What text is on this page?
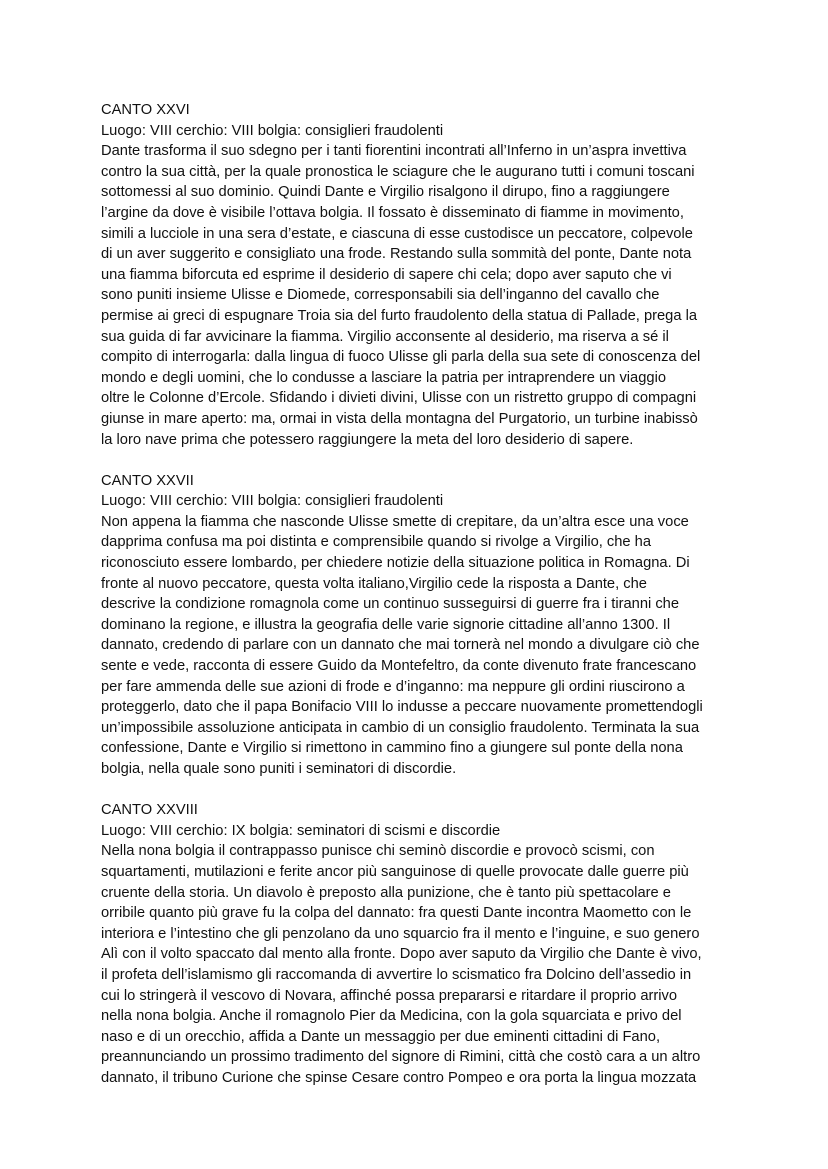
CANTO XXVI
Luogo: VIII cerchio: VIII bolgia: consiglieri fraudolenti
Dante trasforma il suo sdegno per i tanti fiorentini incontrati all’Inferno in un’aspra invettiva
contro la sua città, per la quale pronostica le sciagure che le augurano tutti i comuni toscani
sottomessi al suo dominio. Quindi Dante e Virgilio risalgono il dirupo, fino a raggiungere
l’argine da dove è visibile l’ottava bolgia. Il fossato è disseminato di fiamme in movimento,
simili a lucciole in una sera d’estate, e ciascuna di esse custodisce un peccatore, colpevole
di un aver suggerito e consigliato una frode. Restando sulla sommità del ponte, Dante nota
una fiamma biforcuta ed esprime il desiderio di sapere chi cela; dopo aver saputo che vi
sono puniti insieme Ulisse e Diomede, corresponsabili sia dell’inganno del cavallo che
permise ai greci di espugnare Troia sia del furto fraudolento della statua di Pallade, prega la
sua guida di far avvicinare la fiamma. Virgilio acconsente al desiderio, ma riserva a sé il
compito di interrogarla: dalla lingua di fuoco Ulisse gli parla della sua sete di conoscenza del
mondo e degli uomini, che lo condusse a lasciare la patria per intraprendere un viaggio
oltre le Colonne d’Ercole. Sfidando i divieti divini, Ulisse con un ristretto gruppo di compagni
giunse in mare aperto: ma, ormai in vista della montagna del Purgatorio, un turbine inabissò
la loro nave prima che potessero raggiungere la meta del loro desiderio di sapere.
CANTO XXVII
Luogo: VIII cerchio: VIII bolgia: consiglieri fraudolenti
Non appena la fiamma che nasconde Ulisse smette di crepitare, da un’altra esce una voce
dapprima confusa ma poi distinta e comprensibile quando si rivolge a Virgilio, che ha
riconosciuto essere lombardo, per chiedere notizie della situazione politica in Romagna. Di
fronte al nuovo peccatore, questa volta italiano,Virgilio cede la risposta a Dante, che
descrive la condizione romagnola come un continuo susseguirsi di guerre fra i tiranni che
dominano la regione, e illustra la geografia delle varie signorie cittadine all’anno 1300. Il
dannato, credendo di parlare con un dannato che mai tornerà nel mondo a divulgare ciò che
sente e vede, racconta di essere Guido da Montefeltro, da conte divenuto frate francescano
per fare ammenda delle sue azioni di frode e d’inganno: ma neppure gli ordini riuscirono a
proteggerlo, dato che il papa Bonifacio VIII lo indusse a peccare nuovamente promettendogli
un’impossibile assoluzione anticipata in cambio di un consiglio fraudolento. Terminata la sua
confessione, Dante e Virgilio si rimettono in cammino fino a giungere sul ponte della nona
bolgia, nella quale sono puniti i seminatori di discordie.
CANTO XXVIII
Luogo: VIII cerchio: IX bolgia: seminatori di scismi e discordie
Nella nona bolgia il contrappasso punisce chi seminò discordie e provocò scismi, con
squartamenti, mutilazioni e ferite ancor più sanguinose di quelle provocate dalle guerre più
cruente della storia. Un diavolo è preposto alla punizione, che è tanto più spettacolare e
orribile quanto più grave fu la colpa del dannato: fra questi Dante incontra Maometto con le
interiora e l’intestino che gli penzolano da uno squarcio fra il mento e l’inguine, e suo genero
Alì con il volto spaccato dal mento alla fronte. Dopo aver saputo da Virgilio che Dante è vivo,
il profeta dell’islamismo gli raccomanda di avvertire lo scismatico fra Dolcino dell’assedio in
cui lo stringerà il vescovo di Novara, affinché possa prepararsi e ritardare il proprio arrivo
nella nona bolgia. Anche il romagnolo Pier da Medicina, con la gola squarciata e privo del
naso e di un orecchio, affida a Dante un messaggio per due eminenti cittadini di Fano,
preannunciando un prossimo tradimento del signore di Rimini, città che costò cara a un altro
dannato, il tribuno Curione che spinse Cesare contro Pompeo e ora porta la lingua mozzata
